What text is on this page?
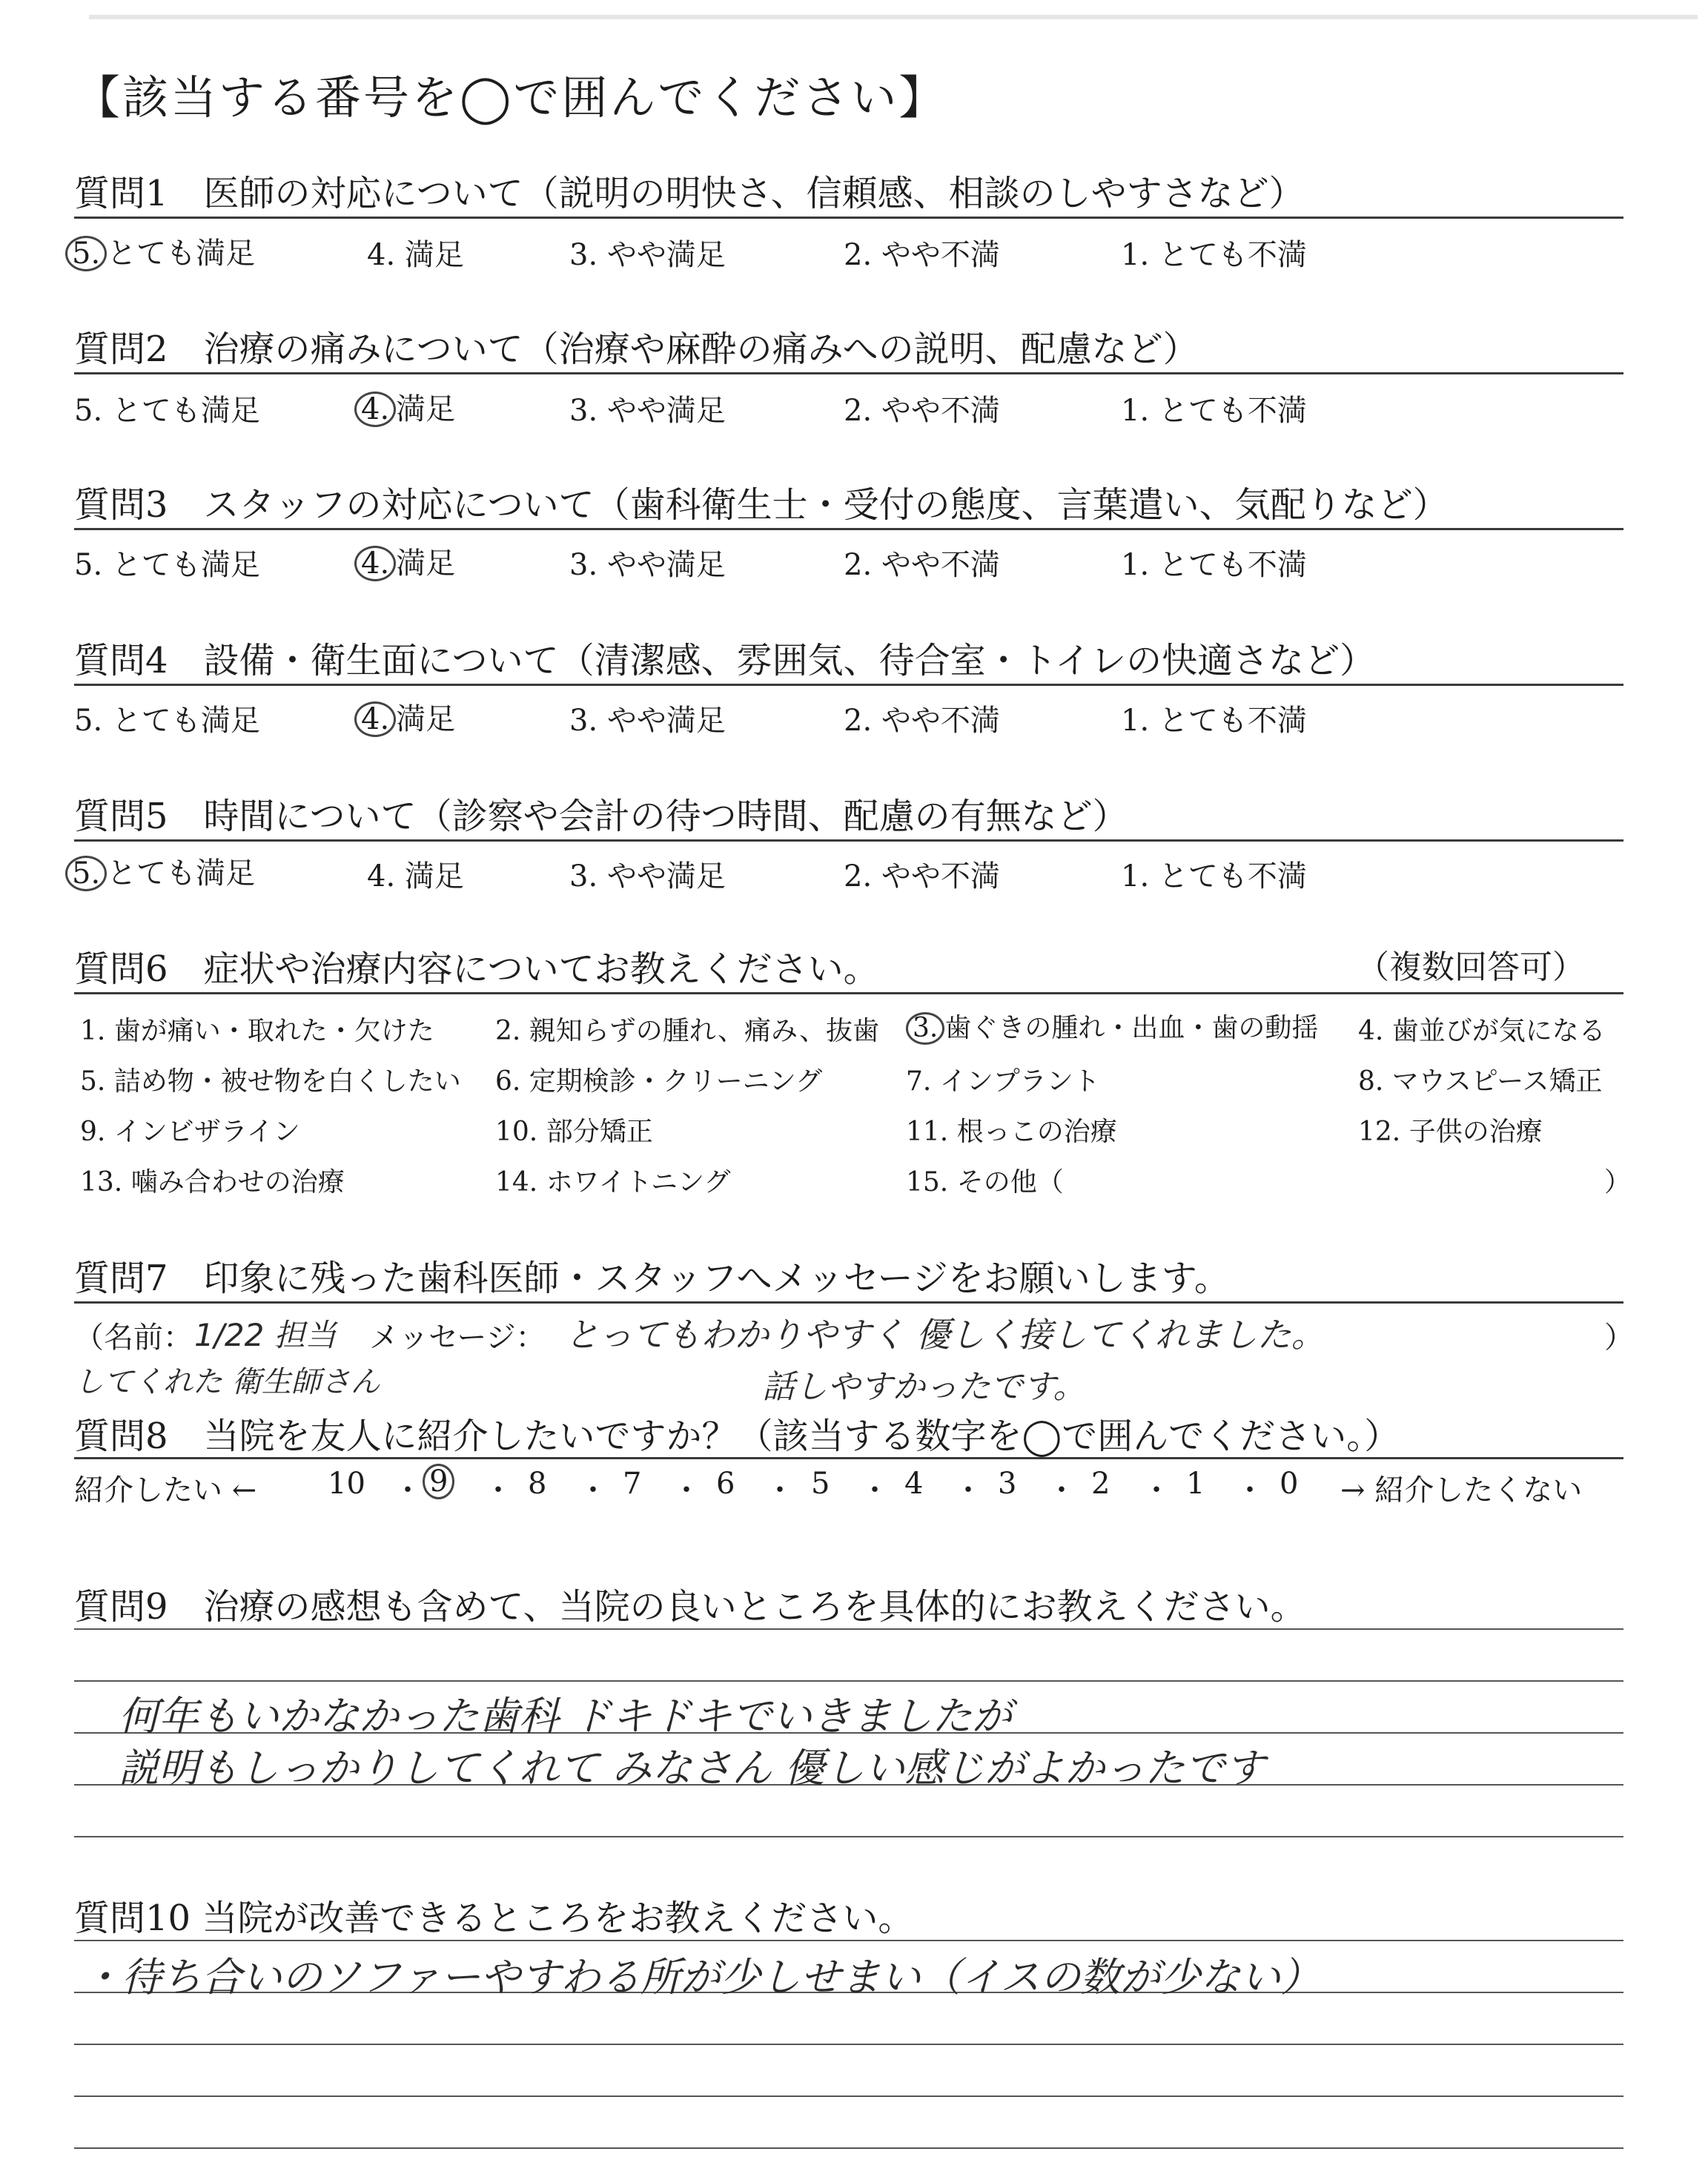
【該当する番号を◯で囲んでください】
質問1　医師の対応について（説明の明快さ、信頼感、相談のしやすさなど）
5. とても満足	4. 満足	3. やや満足	2. やや不満	1. とても不満
質問2　治療の痛みについて（治療や麻酔の痛みへの説明、配慮など）
5. とても満足	4. 満足	3. やや満足	2. やや不満	1. とても不満
質問3　スタッフの対応について（歯科衛生士・受付の態度、言葉遣い、気配りなど）
5. とても満足	4. 満足	3. やや満足	2. やや不満	1. とても不満
質問4　設備・衛生面について（清潔感、雰囲気、待合室・トイレの快適さなど）
5. とても満足	4. 満足	3. やや満足	2. やや不満	1. とても不満
質問5　時間について（診察や会計の待つ時間、配慮の有無など）
5. とても満足	4. 満足	3. やや満足	2. やや不満	1. とても不満
質問6　症状や治療内容についてお教えください。	（複数回答可）
1. 歯が痛い・取れた・欠けた 2. 親知らずの腫れ、痛み、抜歯 3. 歯ぐきの腫れ・出血・歯の動揺 4. 歯並びが気になる
5. 詰め物・被せ物を白くしたい 6. 定期検診・クリーニング	7. インプラント	8. マウスピース矯正
9. インビザライン	10. 部分矯正	11. 根っこの治療	12. 子供の治療
13. 噛み合わせの治療	14. ホワイトニング	15. その他（	）
質問7　印象に残った歯科医師・スタッフへメッセージをお願いします。
（名前： 1/22 担当
してくれた 衛生師さん
メッセージ： とってもわかりやすく 優しく接してくれました。
話しやすかったです。
）
質問8　当院を友人に紹介したいですか？（該当する数字を◯で囲んでください。）
紹介したい ← 10 ・ 9 ・ 8 ・ 7 ・ 6 ・ 5 ・ 4 ・ 3 ・ 2 ・ 1 ・ 0 → 紹介したくない
質問9　治療の感想も含めて、当院の良いところを具体的にお教えください。
何年もいかなかった歯科 ドキドキでいきましたが
説明もしっかりしてくれて みなさん 優しい感じがよかったです
質問10 当院が改善できるところをお教えください。
・待ち合いのソファーやすわる所が少しせまい（イスの数が少ない）
